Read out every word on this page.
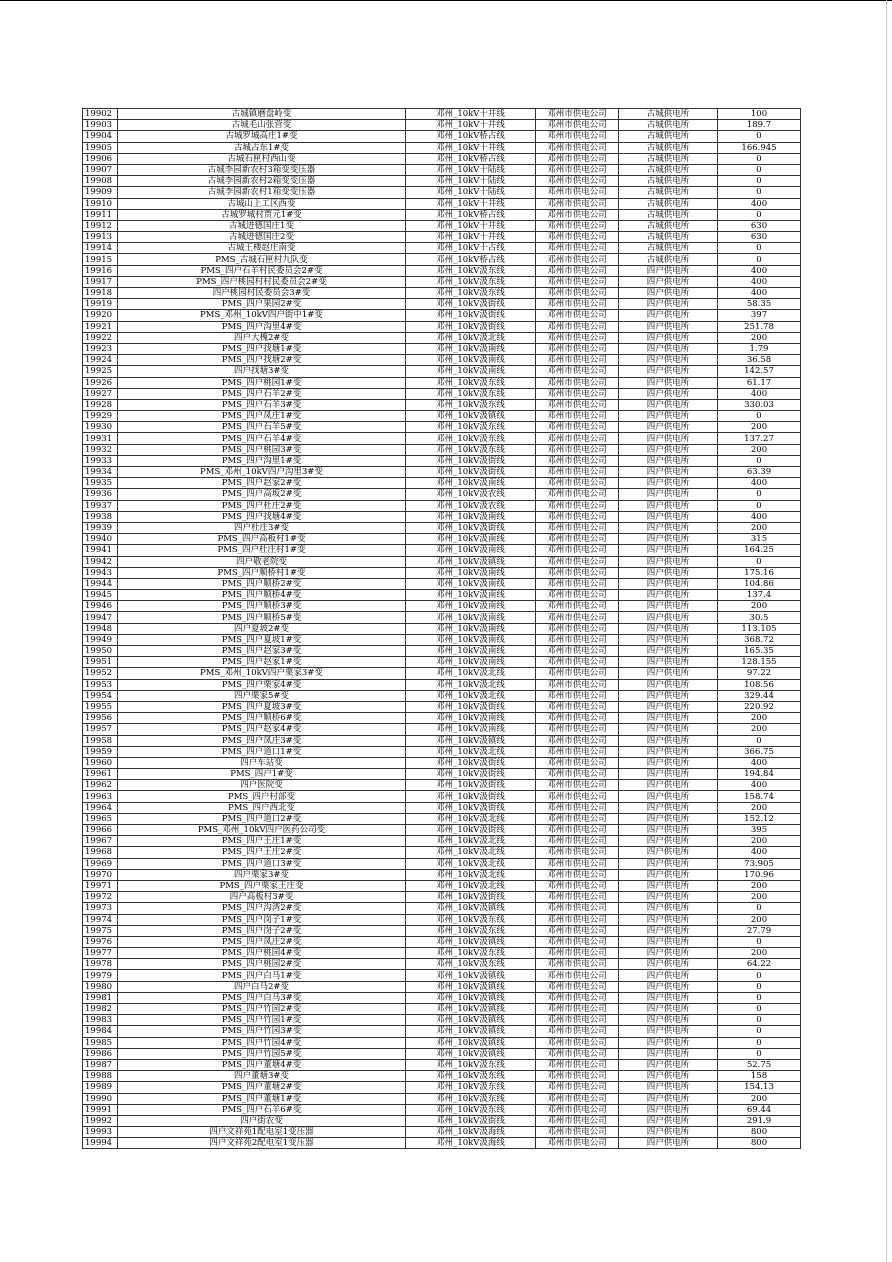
19902	古城镇磨盘岭变	邓州_10kV十井线	邓州市供电公司	古城供电所	100
19903	古城毛山张营变	邓州_10kV十井线	邓州市供电公司	古城供电所	189.7
19904	古城罗城高庄1#变	邓州_10kV桥占线	邓州市供电公司	古城供电所	0
19905	古城占东1#变	邓州_10kV十井线	邓州市供电公司	古城供电所	166.945
19906	古城石匣村西山变	邓州_10kV桥占线	邓州市供电公司	古城供电所	0
19907	古城李园新农村3箱变变压器	邓州_10kV十陆线	邓州市供电公司	古城供电所	0
19908	古城李园新农村2箱变变压器	邓州_10kV十陆线	邓州市供电公司	古城供电所	0
19909	古城李园新农村1箱变变压器	邓州_10kV十陆线	邓州市供电公司	古城供电所	0
19910	古城山上工区西变	邓州_10kV十井线	邓州市供电公司	古城供电所	400
19911	古城罗城村贾元1#变	邓州_10kV桥占线	邓州市供电公司	古城供电所	0
19912	古城进德国庄1变	邓州_10kV十井线	邓州市供电公司	古城供电所	630
19913	古城进德国庄2变	邓州_10kV十井线	邓州市供电公司	古城供电所	630
19914	古城王楼赵庄南变	邓州_10kV十占线	邓州市供电公司	古城供电所	0
19915	PMS_古城石匣村九队变	邓州_10kV桥占线	邓州市供电公司	古城供电所	0
19916	PMS_四户石羊村民委员会2#变	邓州_10kV汲东线	邓州市供电公司	四户供电所	400
19917	PMS_四户桃园村村民委员会2#变	邓州_10kV汲东线	邓州市供电公司	四户供电所	400
19918	四户桃园村民委员会3#变	邓州_10kV汲东线	邓州市供电公司	四户供电所	400
19919	PMS_四户果园2#变	邓州_10kV汲街线	邓州市供电公司	四户供电所	58.35
19920	PMS_邓州_10kV四户街中1#变	邓州_10kV汲街线	邓州市供电公司	四户供电所	397
19921	PMS_四户沟里4#变	邓州_10kV汲街线	邓州市供电公司	四户供电所	251.78
19922	四户大槐2#变	邓州_10kV汲北线	邓州市供电公司	四户供电所	200
19923	PMS_四户找塘1#变	邓州_10kV汲南线	邓州市供电公司	四户供电所	1.79
19924	PMS_四户找塘2#变	邓州_10kV汲南线	邓州市供电公司	四户供电所	36.58
19925	四户找塘3#变	邓州_10kV汲南线	邓州市供电公司	四户供电所	142.57
19926	PMS_四户桃园1#变	邓州_10kV汲东线	邓州市供电公司	四户供电所	61.17
19927	PMS_四户石羊2#变	邓州_10kV汲东线	邓州市供电公司	四户供电所	400
19928	PMS_四户石羊3#变	邓州_10kV汲东线	邓州市供电公司	四户供电所	330.03
19929	PMS_四户凤庄1#变	邓州_10kV汲镇线	邓州市供电公司	四户供电所	0
19930	PMS_四户石羊5#变	邓州_10kV汲东线	邓州市供电公司	四户供电所	200
19931	PMS_四户石羊4#变	邓州_10kV汲东线	邓州市供电公司	四户供电所	137.27
19932	PMS_四户桃园3#变	邓州_10kV汲东线	邓州市供电公司	四户供电所	200
19933	PMS_四户沟里1#变	邓州_10kV汲街线	邓州市供电公司	四户供电所	0
19934	PMS_邓州_10kV四户沟里3#变	邓州_10kV汲街线	邓州市供电公司	四户供电所	63.39
19935	PMS_四户赵家2#变	邓州_10kV汲南线	邓州市供电公司	四户供电所	400
19936	PMS_四户高坂2#变	邓州_10kV汲农线	邓州市供电公司	四户供电所	0
19937	PMS_四户杜庄2#变	邓州_10kV汲农线	邓州市供电公司	四户供电所	0
19938	PMS_四户找塘4#变	邓州_10kV汲南线	邓州市供电公司	四户供电所	400
19939	四户杜庄3#变	邓州_10kV汲街线	邓州市供电公司	四户供电所	200
19940	PMS_四户高板村1#变	邓州_10kV汲南线	邓州市供电公司	四户供电所	315
19941	PMS_四户杜庄村1#变	邓州_10kV汲南线	邓州市供电公司	四户供电所	164.25
19942	四户敬老院变	邓州_10kV汲镇线	邓州市供电公司	四户供电所	0
19943	PMS_四户顺桥村1#变	邓州_10kV汲南线	邓州市供电公司	四户供电所	175.16
19944	PMS_四户顺桥2#变	邓州_10kV汲南线	邓州市供电公司	四户供电所	104.86
19945	PMS_四户顺桥4#变	邓州_10kV汲南线	邓州市供电公司	四户供电所	137.4
19946	PMS_四户顺桥3#变	邓州_10kV汲南线	邓州市供电公司	四户供电所	200
19947	PMS_四户顺桥5#变	邓州_10kV汲南线	邓州市供电公司	四户供电所	30.5
19948	四户夏坡2#变	邓州_10kV汲南线	邓州市供电公司	四户供电所	113.105
19949	PMS_四户夏坡1#变	邓州_10kV汲南线	邓州市供电公司	四户供电所	368.72
19950	PMS_四户赵家3#变	邓州_10kV汲南线	邓州市供电公司	四户供电所	165.35
19951	PMS_四户赵家1#变	邓州_10kV汲南线	邓州市供电公司	四户供电所	128.155
19952	PMS_邓州_10kV四户栗家3#变	邓州_10kV汲北线	邓州市供电公司	四户供电所	97.22
19953	PMS_四户栗家4#变	邓州_10kV汲北线	邓州市供电公司	四户供电所	108.56
19954	四户栗家5#变	邓州_10kV汲北线	邓州市供电公司	四户供电所	329.44
19955	PMS_四户夏坡3#变	邓州_10kV汲街线	邓州市供电公司	四户供电所	220.92
19956	PMS_四户顺桥6#变	邓州_10kV汲南线	邓州市供电公司	四户供电所	200
19957	PMS_四户赵家4#变	邓州_10kV汲南线	邓州市供电公司	四户供电所	200
19958	PMS_四户凤庄3#变	邓州_10kV汲镇线	邓州市供电公司	四户供电所	0
19959	PMS_四户道口1#变	邓州_10kV汲北线	邓州市供电公司	四户供电所	366.75
19960	四户车站变	邓州_10kV汲街线	邓州市供电公司	四户供电所	400
19961	PMS_四户1#变	邓州_10kV汲街线	邓州市供电公司	四户供电所	194.84
19962	四户医院变	邓州_10kV汲街线	邓州市供电公司	四户供电所	400
19963	PMS_四户村部变	邓州_10kV汲街线	邓州市供电公司	四户供电所	158.74
19964	PMS_四户西北变	邓州_10kV汲街线	邓州市供电公司	四户供电所	200
19965	PMS_四户道口2#变	邓州_10kV汲北线	邓州市供电公司	四户供电所	152.12
19966	PMS_邓州_10kV四户医药公司变	邓州_10kV汲街线	邓州市供电公司	四户供电所	395
19967	PMS_四户王庄1#变	邓州_10kV汲北线	邓州市供电公司	四户供电所	200
19968	PMS_四户王庄2#变	邓州_10kV汲北线	邓州市供电公司	四户供电所	400
19969	PMS_四户道口3#变	邓州_10kV汲北线	邓州市供电公司	四户供电所	73.905
19970	四户栗家3#变	邓州_10kV汲北线	邓州市供电公司	四户供电所	170.96
19971	PMS_四户栗家王庄变	邓州_10kV汲北线	邓州市供电公司	四户供电所	200
19972	四户高板村3#变	邓州_10kV汲街线	邓州市供电公司	四户供电所	200
19973	PMS_四户沟湾2#变	邓州_10kV汲镇线	邓州市供电公司	四户供电所	0
19974	PMS_四户岗子1#变	邓州_10kV汲东线	邓州市供电公司	四户供电所	200
19975	PMS_四户岗子2#变	邓州_10kV汲东线	邓州市供电公司	四户供电所	27.79
19976	PMS_四户凤庄2#变	邓州_10kV汲镇线	邓州市供电公司	四户供电所	0
19977	PMS_四户桃园4#变	邓州_10kV汲东线	邓州市供电公司	四户供电所	200
19978	PMS_四户桃园2#变	邓州_10kV汲东线	邓州市供电公司	四户供电所	64.22
19979	PMS_四户白马1#变	邓州_10kV汲镇线	邓州市供电公司	四户供电所	0
19980	四户白马2#变	邓州_10kV汲镇线	邓州市供电公司	四户供电所	0
19981	PMS_四户白马3#变	邓州_10kV汲镇线	邓州市供电公司	四户供电所	0
19982	PMS_四户竹园2#变	邓州_10kV汲镇线	邓州市供电公司	四户供电所	0
19983	PMS_四户竹园1#变	邓州_10kV汲镇线	邓州市供电公司	四户供电所	0
19984	PMS_四户竹园3#变	邓州_10kV汲镇线	邓州市供电公司	四户供电所	0
19985	PMS_四户竹园4#变	邓州_10kV汲镇线	邓州市供电公司	四户供电所	0
19986	PMS_四户竹园5#变	邓州_10kV汲镇线	邓州市供电公司	四户供电所	0
19987	PMS_四户董塘4#变	邓州_10kV汲东线	邓州市供电公司	四户供电所	52.75
19988	四户董塘3#变	邓州_10kV汲东线	邓州市供电公司	四户供电所	158
19989	PMS_四户董塘2#变	邓州_10kV汲东线	邓州市供电公司	四户供电所	154.13
19990	PMS_四户董塘1#变	邓州_10kV汲东线	邓州市供电公司	四户供电所	200
19991	PMS_四户石羊6#变	邓州_10kV汲东线	邓州市供电公司	四户供电所	69.44
19992	四户街农变	邓州_10kV汲街线	邓州市供电公司	四户供电所	291.9
19993	四户文祥苑1配电室1变压器	邓州_10kV汲海线	邓州市供电公司	四户供电所	800
19994	四户文祥苑2配电室1变压器	邓州_10kV汲海线	邓州市供电公司	四户供电所	800
